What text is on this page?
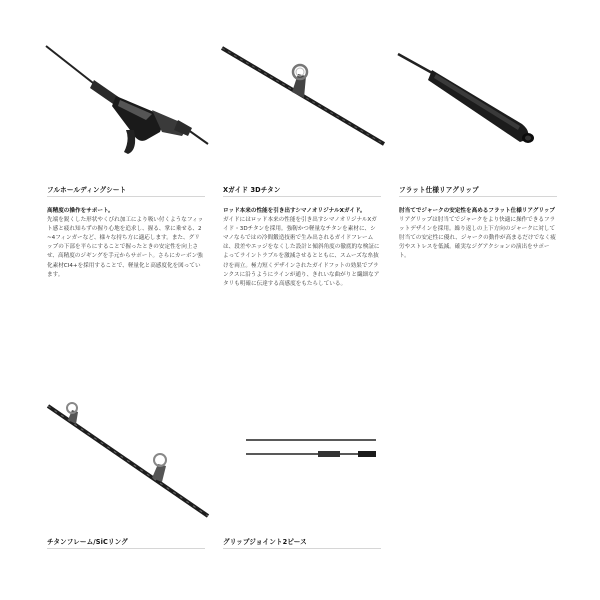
フルホールディングシート
高精度の操作をサポート。
先端を鋭くした形状やくびれ加工により吸い付くようなフィット感と疲れ知らずの握り心地を追求し、握る、掌に乗せる、2~4フィンガーなど、様々な持ち方に適応します。また、グリップの下部を平らにすることで握ったときの安定性を向上させ、高精度のジギングを手元からサポート。さらにカーボン強化素材CI4+を採用することで、軽量化と高感度化を図っています。
Xガイド 3Dチタン
ロッド本来の性能を引き出すシマノオリジナルXガイド。
ガイドにはロッド本来の性能を引き出すシマノオリジナルXガイド・3Dチタンを採用。強靭かつ軽量なチタンを素材に、シマノならではの冷間鍛造技術で生み出されるガイドフレームは、段差やエッジをなくした設計と傾斜角度の徹底的な検証によってライントラブルを激減させるとともに、スムーズな糸抜けを両立。極力短くデザインされたガイドフットの効果でブランクスに沿うようにラインが通り、きれいな曲がりと繊細なアタリも明確に伝達する高感度をもたらしている。
フラット仕様リアグリップ
肘当てでジャークの安定性を高めるフラット仕様リアグリップ
リアグリップは肘当てでジャークをより快適に操作できるフラットデザインを採用。繰り返しの上下方向のジャークに対して肘当ての安定性に優れ、ジャークの動作が高まるだけでなく疲労やストレスを低減。確実なジグアクションの演出をサポート。
チタンフレーム/SiCリング	グリップジョイント2ピース
